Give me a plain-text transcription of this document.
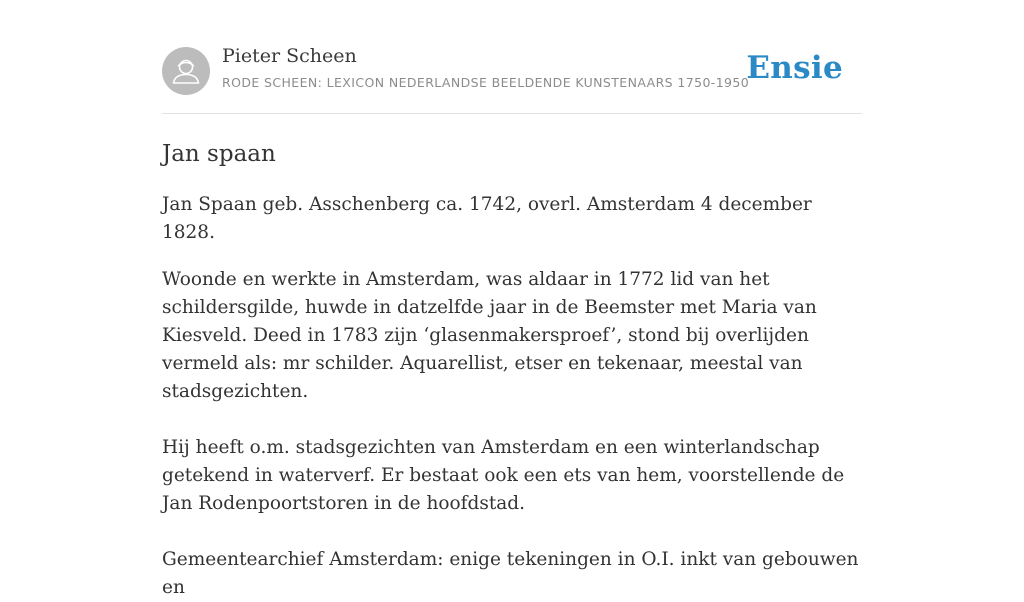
Pieter Scheen
RODE SCHEEN: LEXICON NEDERLANDSE BEELDENDE KUNSTENAARS 1750-1950
Ensie
Jan spaan

Jan Spaan geb. Asschenberg ca. 1742, overl. Amsterdam 4 december 1828.

Woonde en werkte in Amsterdam, was aldaar in 1772 lid van het schildersgilde, huwde in datzelfde jaar in de Beemster met Maria van Kiesveld. Deed in 1783 zijn ‘glasenmakersproef’, stond bij overlijden vermeld als: mr schilder. Aquarellist, etser en tekenaar, meestal van stadsgezichten.

Hij heeft o.m. stadsgezichten van Amsterdam en een winterlandschap getekend in waterverf. Er bestaat ook een ets van hem, voorstellende de Jan Rodenpoortstoren in de hoofdstad.

Gemeentearchief Amsterdam: enige tekeningen in O.I. inkt van gebouwen en
